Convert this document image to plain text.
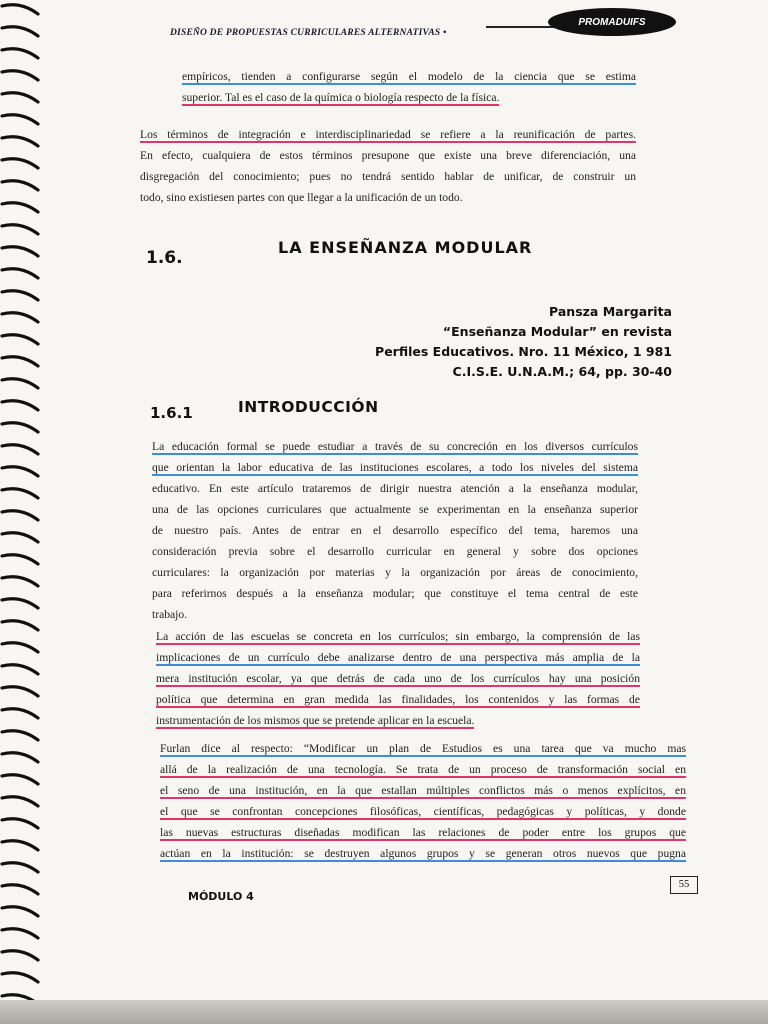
DISEÑO DE PROPUESTAS CURRICULARES ALTERNATIVAS •
PROMADUIFS
empíricos, tienden a configurarse según el modelo de la ciencia que se estima
superior. Tal es el caso de la química o biología respecto de la física.
Los términos de integración e interdisciplinariedad se refiere a la reunificación de partes.
En efecto, cualquiera de estos términos presupone que existe una breve diferenciación, una
disgregación del conocimiento; pues no tendrá sentido hablar de unificar, de construir un
todo, sino existiesen partes con que llegar a la unificación de un todo.
1.6.
LA ENSEÑANZA MODULAR
Pansza Margarita
“Enseñanza Modular” en revista
Perfiles Educativos. Nro. 11 México, 1 981
C.I.S.E. U.N.A.M.; 64, pp. 30-40
1.6.1	INTRODUCCIÓN
La educación formal se puede estudiar a través de su concreción en los diversos currículos
que orientan la labor educativa de las instituciones escolares, a todo los niveles del sistema
educativo. En este artículo trataremos de dirigir nuestra atención a la enseñanza modular,
una de las opciones curriculares que actualmente se experimentan en la enseñanza superior
de nuestro país. Antes de entrar en el desarrollo específico del tema, haremos una
consideración previa sobre el desarrollo curricular en general y sobre dos opciones
curriculares: la organización por materias y la organización por áreas de conocimiento,
para referirnos después a la enseñanza modular; que constituye el tema central de este
trabajo.
La acción de las escuelas se concreta en los currículos; sin embargo, la comprensión de las
implicaciones de un currículo debe analizarse dentro de una perspectiva más amplia de la
mera institución escolar, ya que detrás de cada uno de los currículos hay una posición
política que determina en gran medida las finalidades, los contenidos y las formas de
instrumentación de los mismos que se pretende aplicar en la escuela.
Furlan dice al respecto: “Modificar un plan de Estudios es una tarea que va mucho mas
allá de la realización de una tecnología. Se trata de un proceso de transformación social en
el seno de una institución, en la que estallan múltiples conflictos más o menos explícitos, en
el que se confrontan concepciones filosóficas, científicas, pedagógicas y políticas, y donde
las nuevas estructuras diseñadas modifican las relaciones de poder entre los grupos que
actúan en la institución: se destruyen algunos grupos y se generan otros nuevos que pugna
MÓDULO 4
55
